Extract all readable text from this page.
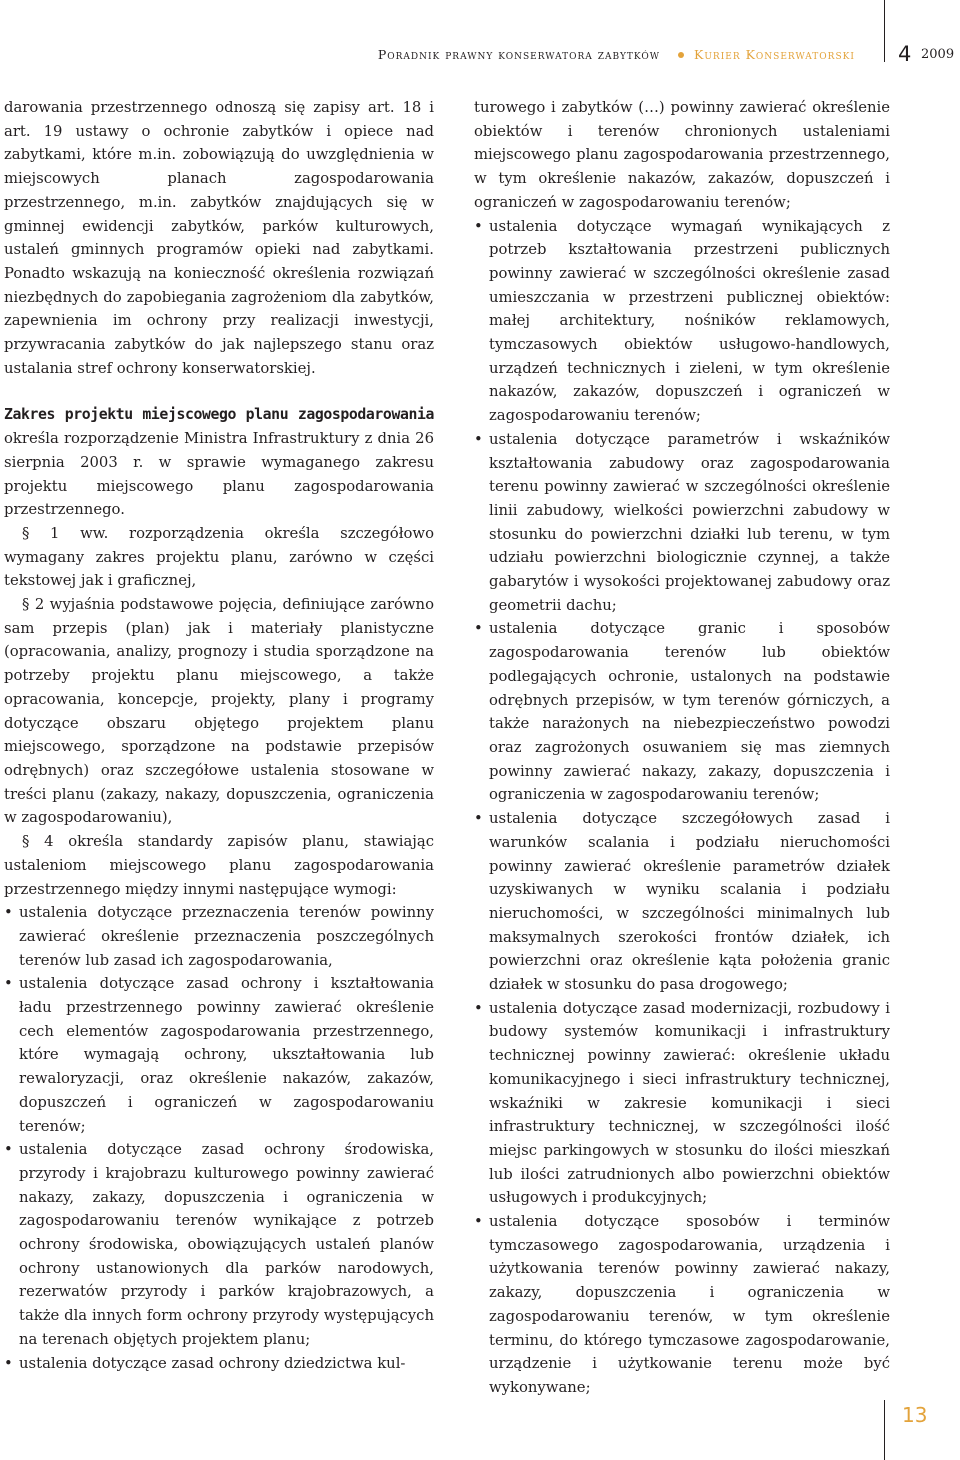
Poradnik prawny konserwatora zabytków	Kurier Konserwatorski 4 2009

darowania przestrzennego odnoszą się zapisy art. 18 i art. 19 ustawy o ochronie zabytków i opiece nad zabytkami, które m.in. zobowiązują do uwzględnienia w miejscowych planach zagospodarowania przestrzennego, m.in. zabytków znajdujących się w gminnej ewidencji zabytków, parków kulturowych, ustaleń gminnych programów opieki nad zabytkami. Ponadto wskazują na konieczność określenia rozwiązań niezbędnych do zapobiegania zagrożeniom dla zabytków, zapewnienia im ochrony przy realizacji inwestycji, przywracania zabytków do jak najlepszego stanu oraz ustalania stref ochrony konserwatorskiej.

Zakres projektu miejscowego planu zagospodarowania określa rozporządzenie Ministra Infrastruktury z dnia 26 sierpnia 2003 r. w sprawie wymaganego zakresu projektu miejscowego planu zagospodarowania przestrzennego.

§ 1 ww. rozporządzenia określa szczegółowo wymagany zakres projektu planu, zarówno w części tekstowej jak i graficznej,

§ 2 wyjaśnia podstawowe pojęcia, definiujące zarówno sam przepis (plan) jak i materiały planistyczne (opracowania, analizy, prognozy i studia sporządzone na potrzeby projektu planu miejscowego, a także opracowania, koncepcje, projekty, plany i programy dotyczące obszaru objętego projektem planu miejscowego, sporządzone na podstawie przepisów odrębnych) oraz szczegółowe ustalenia stosowane w treści planu (zakazy, nakazy, dopuszczenia, ograniczenia w zagospodarowaniu),

§ 4 określa standardy zapisów planu, stawiając ustaleniom miejscowego planu zagospodarowania przestrzennego między innymi następujące wymogi:

• ustalenia dotyczące przeznaczenia terenów powinny zawierać określenie przeznaczenia poszczególnych terenów lub zasad ich zagospodarowania,
• ustalenia dotyczące zasad ochrony i kształtowania ładu przestrzennego powinny zawierać określenie cech elementów zagospodarowania przestrzennego, które wymagają ochrony, ukształtowania lub rewaloryzacji, oraz określenie nakazów, zakazów, dopuszczeń i ograniczeń w zagospodarowaniu terenów;
• ustalenia dotyczące zasad ochrony środowiska, przyrody i krajobrazu kulturowego powinny zawierać nakazy, zakazy, dopuszczenia i ograniczenia w zagospodarowaniu terenów wynikające z potrzeb ochrony środowiska, obowiązujących ustaleń planów ochrony ustanowionych dla parków narodowych, rezerwatów przyrody i parków krajobrazowych, a także dla innych form ochrony przyrody występujących na terenach objętych projektem planu;
• ustalenia dotyczące zasad ochrony dziedzictwa kul-

turowego i zabytków (…) powinny zawierać określenie obiektów i terenów chronionych ustaleniami miejscowego planu zagospodarowania przestrzennego, w tym określenie nakazów, zakazów, dopuszczeń i ograniczeń w zagospodarowaniu terenów;

• ustalenia dotyczące wymagań wynikających z potrzeb kształtowania przestrzeni publicznych powinny zawierać w szczególności określenie zasad umieszczania w przestrzeni publicznej obiektów: małej architektury, nośników reklamowych, tymczasowych obiektów usługowo-handlowych, urządzeń technicznych i zieleni, w tym określenie nakazów, zakazów, dopuszczeń i ograniczeń w zagospodarowaniu terenów;
• ustalenia dotyczące parametrów i wskaźników kształtowania zabudowy oraz zagospodarowania terenu powinny zawierać w szczególności określenie linii zabudowy, wielkości powierzchni zabudowy w stosunku do powierzchni działki lub terenu, w tym udziału powierzchni biologicznie czynnej, a także gabarytów i wysokości projektowanej zabudowy oraz geometrii dachu;
• ustalenia dotyczące granic i sposobów zagospodarowania terenów lub obiektów podlegających ochronie, ustalonych na podstawie odrębnych przepisów, w tym terenów górniczych, a także narażonych na niebezpieczeństwo powodzi oraz zagrożonych osuwaniem się mas ziemnych powinny zawierać nakazy, zakazy, dopuszczenia i ograniczenia w zagospodarowaniu terenów;
• ustalenia dotyczące szczegółowych zasad i warunków scalania i podziału nieruchomości powinny zawierać określenie parametrów działek uzyskiwanych w wyniku scalania i podziału nieruchomości, w szczególności minimalnych lub maksymalnych szerokości frontów działek, ich powierzchni oraz określenie kąta położenia granic działek w stosunku do pasa drogowego;
• ustalenia dotyczące zasad modernizacji, rozbudowy i budowy systemów komunikacji i infrastruktury technicznej powinny zawierać: określenie układu komunikacyjnego i sieci infrastruktury technicznej, wskaźniki w zakresie komunikacji i sieci infrastruktury technicznej, w szczególności ilość miejsc parkingowych w stosunku do ilości mieszkań lub ilości zatrudnionych albo powierzchni obiektów usługowych i produkcyjnych;
• ustalenia dotyczące sposobów i terminów tymczasowego zagospodarowania, urządzenia i użytkowania terenów powinny zawierać nakazy, zakazy, dopuszczenia i ograniczenia w zagospodarowaniu terenów, w tym określenie terminu, do którego tymczasowe zagospodarowanie, urządzenie i użytkowanie terenu może być wykonywane;
13
